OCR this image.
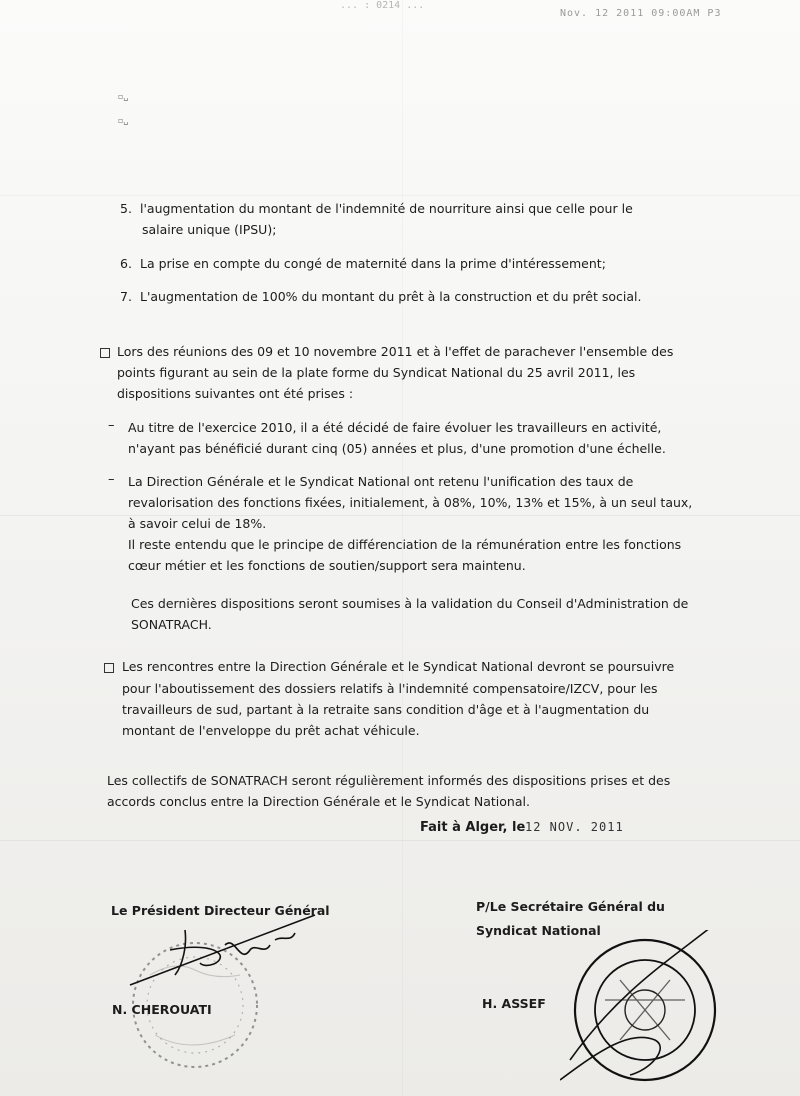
... : 0214 ...
Nov. 12 2011 09:00AM P3
▫␣
▫␣
5. l'augmentation du montant de l'indemnité de nourriture ainsi que celle pour le
salaire unique (IPSU);
6. La prise en compte du congé de maternité dans la prime d'intéressement;
7. L'augmentation de 100% du montant du prêt à la construction et du prêt social.
Lors des réunions des 09 et 10 novembre 2011 et à l'effet de parachever l'ensemble des
points figurant au sein de la plate forme du Syndicat National du 25 avril 2011, les
dispositions suivantes ont été prises :
– Au titre de l'exercice 2010, il a été décidé de faire évoluer les travailleurs en activité,
n'ayant pas bénéficié durant cinq (05) années et plus, d'une promotion d'une échelle.
– La Direction Générale et le Syndicat National ont retenu l'unification des taux de
revalorisation des fonctions fixées, initialement, à 08%, 10%, 13% et 15%, à un seul taux,
à savoir celui de 18%.
Il reste entendu que le principe de différenciation de la rémunération entre les fonctions
cœur métier et les fonctions de soutien/support sera maintenu.
Ces dernières dispositions seront soumises à la validation du Conseil d'Administration de
SONATRACH.
Les rencontres entre la Direction Générale et le Syndicat National devront se poursuivre
pour l'aboutissement des dossiers relatifs à l'indemnité compensatoire/IZCV, pour les
travailleurs de sud, partant à la retraite sans condition d'âge et à l'augmentation du
montant de l'enveloppe du prêt achat véhicule.
Les collectifs de SONATRACH seront régulièrement informés des dispositions prises et des
accords conclus entre la Direction Générale et le Syndicat National.
Fait à Alger, le 12 NOV. 2011
Le Président Directeur Général	P/Le Secrétaire Général du
Syndicat National
N. CHEROUATI	H. ASSEF
